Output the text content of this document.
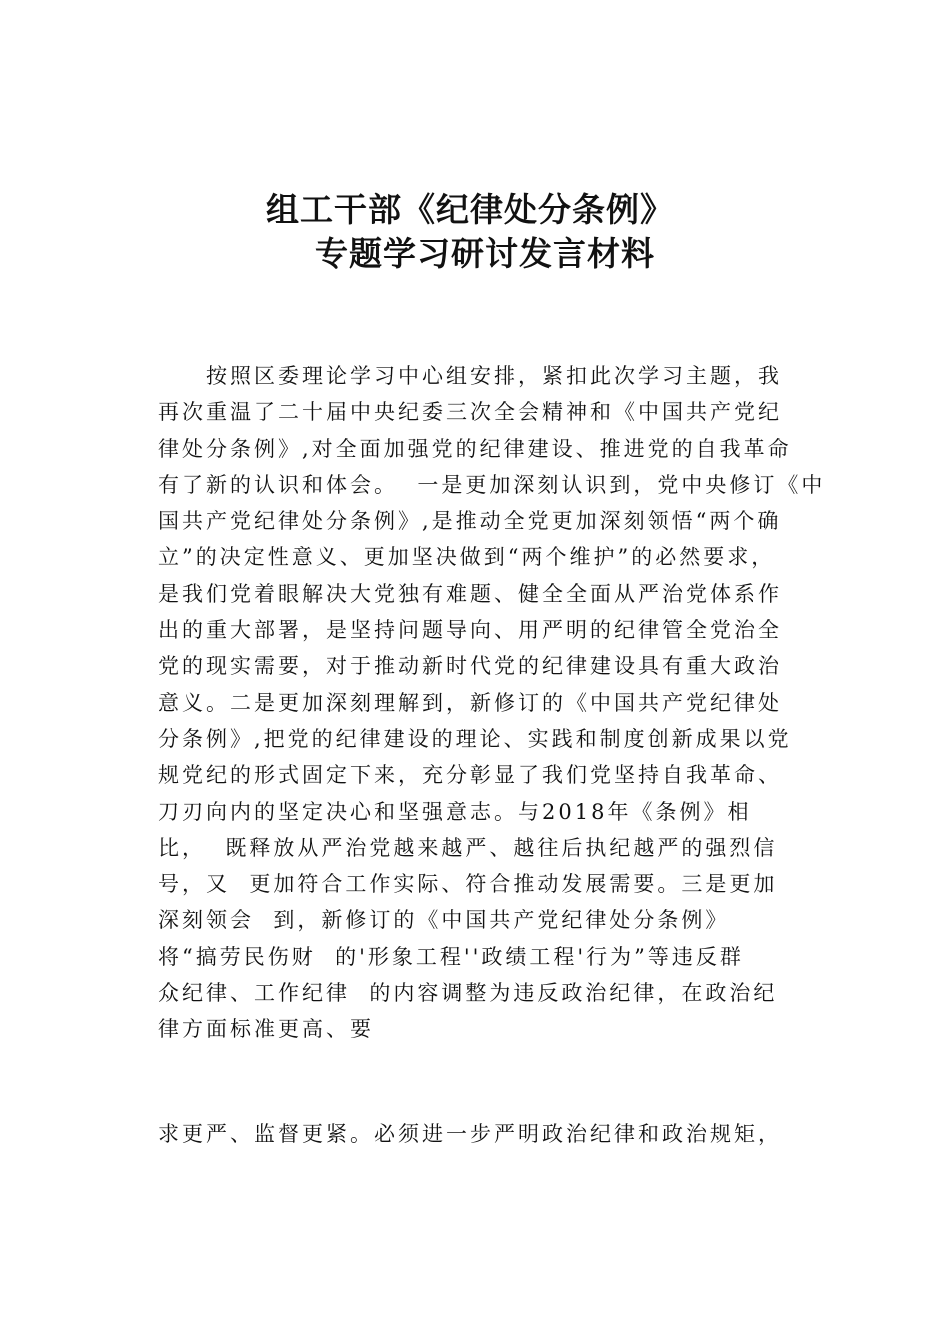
组工干部《纪律处分条例》
专题学习研讨发言材料
按照区委理论学习中心组安排，紧扣此次学习主题，我
再次重温了二十届中央纪委三次全会精神和《中国共产党纪
律处分条例》,对全面加强党的纪律建设、推进党的自我革命
有了新的认识和体会。  一是更加深刻认识到，党中央修订《中
国共产党纪律处分条例》,是推动全党更加深刻领悟“两个确
立”的决定性意义、更加坚决做到“两个维护”的必然要求，
是我们党着眼解决大党独有难题、健全全面从严治党体系作
出的重大部署，是坚持问题导向、用严明的纪律管全党治全
党的现实需要，对于推动新时代党的纪律建设具有重大政治
意义。二是更加深刻理解到，新修订的《中国共产党纪律处
分条例》,把党的纪律建设的理论、实践和制度创新成果以党
规党纪的形式固定下来，充分彰显了我们党坚持自我革命、
刀刃向内的坚定决心和坚强意志。与2018年《条例》相
比，  既释放从严治党越来越严、越往后执纪越严的强烈信
号，又  更加符合工作实际、符合推动发展需要。三是更加
深刻领会  到，新修订的《中国共产党纪律处分条例》
将“搞劳民伤财  的'形象工程''政绩工程'行为”等违反群
众纪律、工作纪律  的内容调整为违反政治纪律，在政治纪
律方面标准更高、要
求更严、监督更紧。必须进一步严明政治纪律和政治规矩，
